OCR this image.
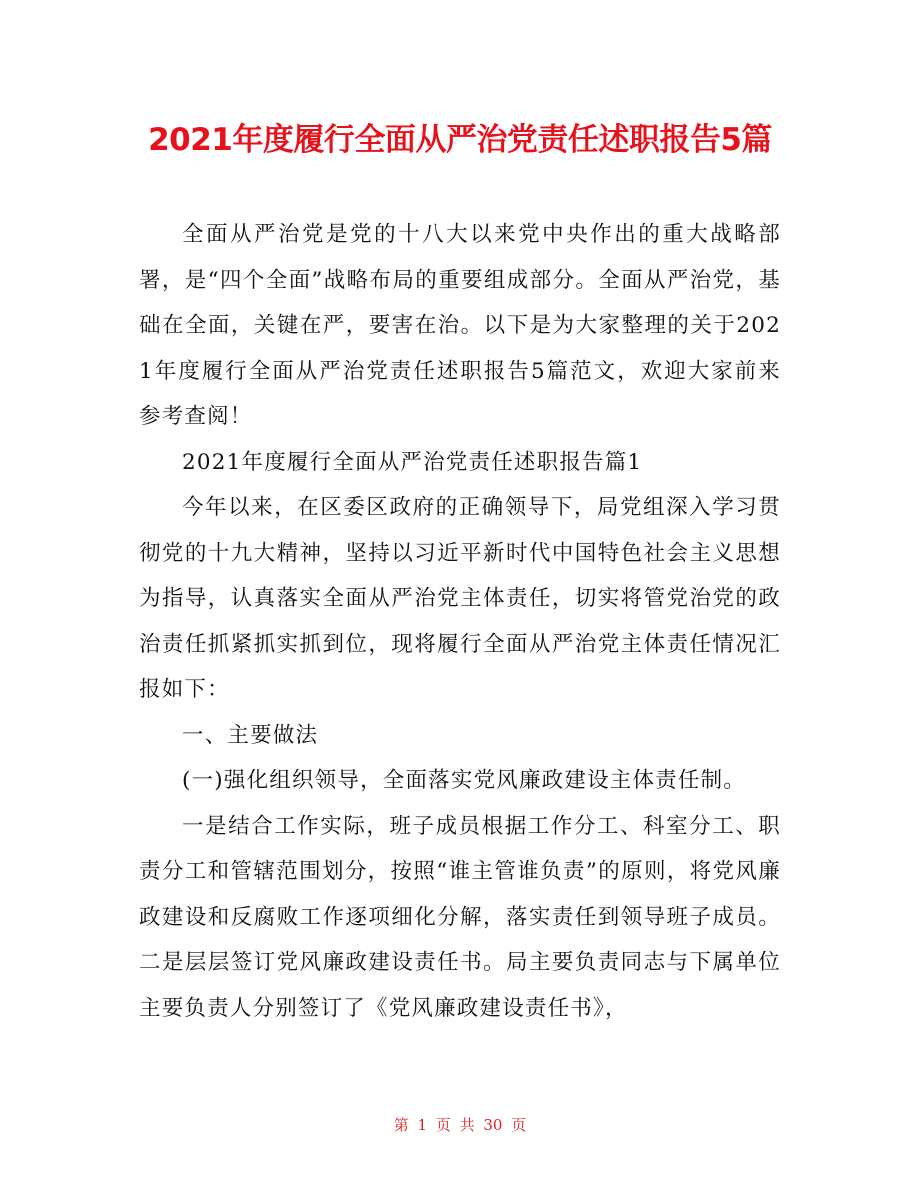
2021年度履行全面从严治党责任述职报告5篇

全面从严治党是党的十八大以来党中央作出的重大战略部署，是“四个全面”战略布局的重要组成部分。全面从严治党，基础在全面，关键在严，要害在治。以下是为大家整理的关于2021年度履行全面从严治党责任述职报告5篇范文，欢迎大家前来参考查阅！

2021年度履行全面从严治党责任述职报告篇1

今年以来，在区委区政府的正确领导下，局党组深入学习贯彻党的十九大精神，坚持以习近平新时代中国特色社会主义思想为指导，认真落实全面从严治党主体责任，切实将管党治党的政治责任抓紧抓实抓到位，现将履行全面从严治党主体责任情况汇报如下：

一、主要做法

(一)强化组织领导，全面落实党风廉政建设主体责任制。

一是结合工作实际，班子成员根据工作分工、科室分工、职责分工和管辖范围划分，按照“谁主管谁负责”的原则，将党风廉政建设和反腐败工作逐项细化分解，落实责任到领导班子成员。二是层层签订党风廉政建设责任书。局主要负责同志与下属单位主要负责人分别签订了《党风廉政建设责任书》，

第 1 页 共 30 页
